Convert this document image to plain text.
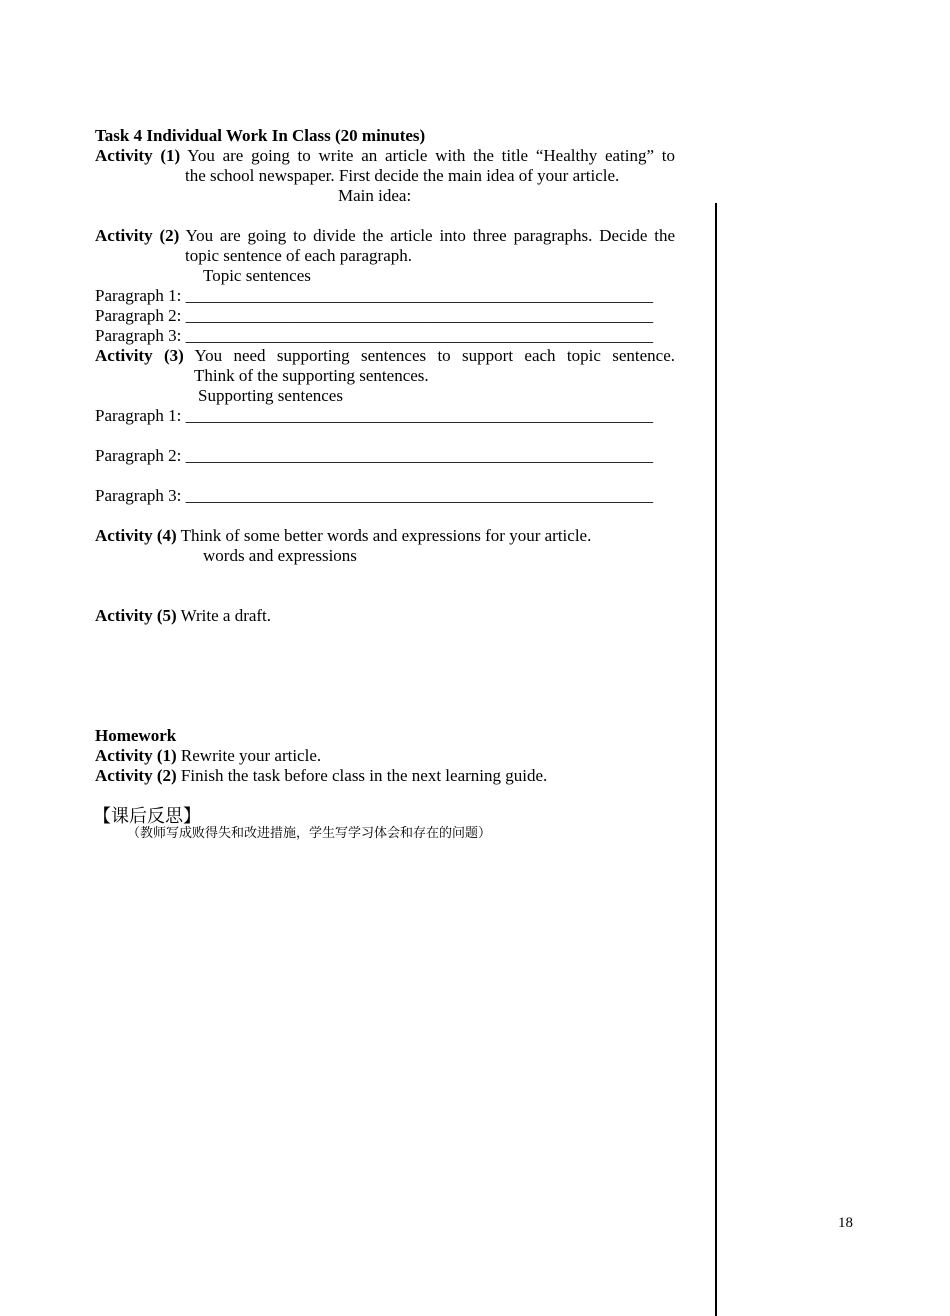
Task 4 Individual Work In Class (20 minutes)
Activity (1) You are going to write an article with the title “Healthy eating” to
the school newspaper. First decide the main idea of your article.
Main idea:
Activity (2) You are going to divide the article into three paragraphs. Decide the
topic sentence of each paragraph.
Topic sentences
Paragraph 1: _______________________________________________________
Paragraph 2: _______________________________________________________
Paragraph 3: _______________________________________________________
Activity (3) You need supporting sentences to support each topic sentence.
Think of the supporting sentences.
Supporting sentences
Paragraph 1: _______________________________________________________
Paragraph 2: _______________________________________________________
Paragraph 3: _______________________________________________________
Activity (4) Think of some better words and expressions for your article.
words and expressions
Activity (5) Write a draft.
Homework
Activity (1) Rewrite your article.
Activity (2) Finish the task before class in the next learning guide.
【课后反思】
（教师写成败得失和改进措施，学生写学习体会和存在的问题）
18
